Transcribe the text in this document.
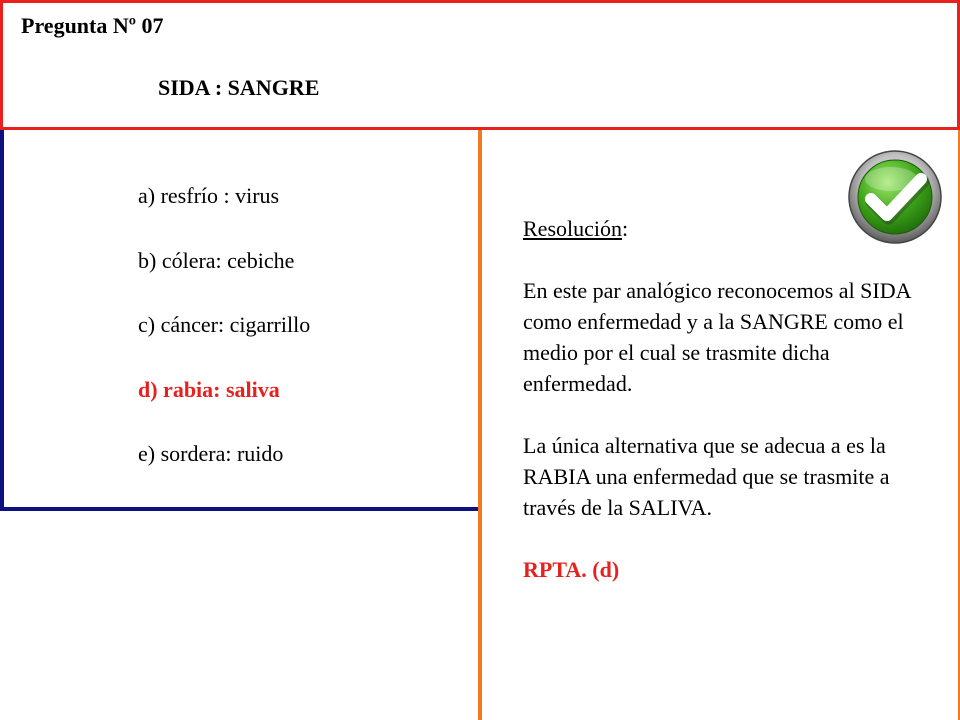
Pregunta Nº 07
SIDA : SANGRE
a) resfrío : virus
b) cólera: cebiche
c) cáncer: cigarrillo
d) rabia: saliva
e) sordera: ruido

Resolución:

En este par analógico reconocemos al SIDA como enfermedad y a la SANGRE como el medio por el cual se trasmite dicha enfermedad.

La única alternativa que se adecua a es la RABIA una enfermedad que se trasmite a través de la SALIVA.

RPTA. (d)
